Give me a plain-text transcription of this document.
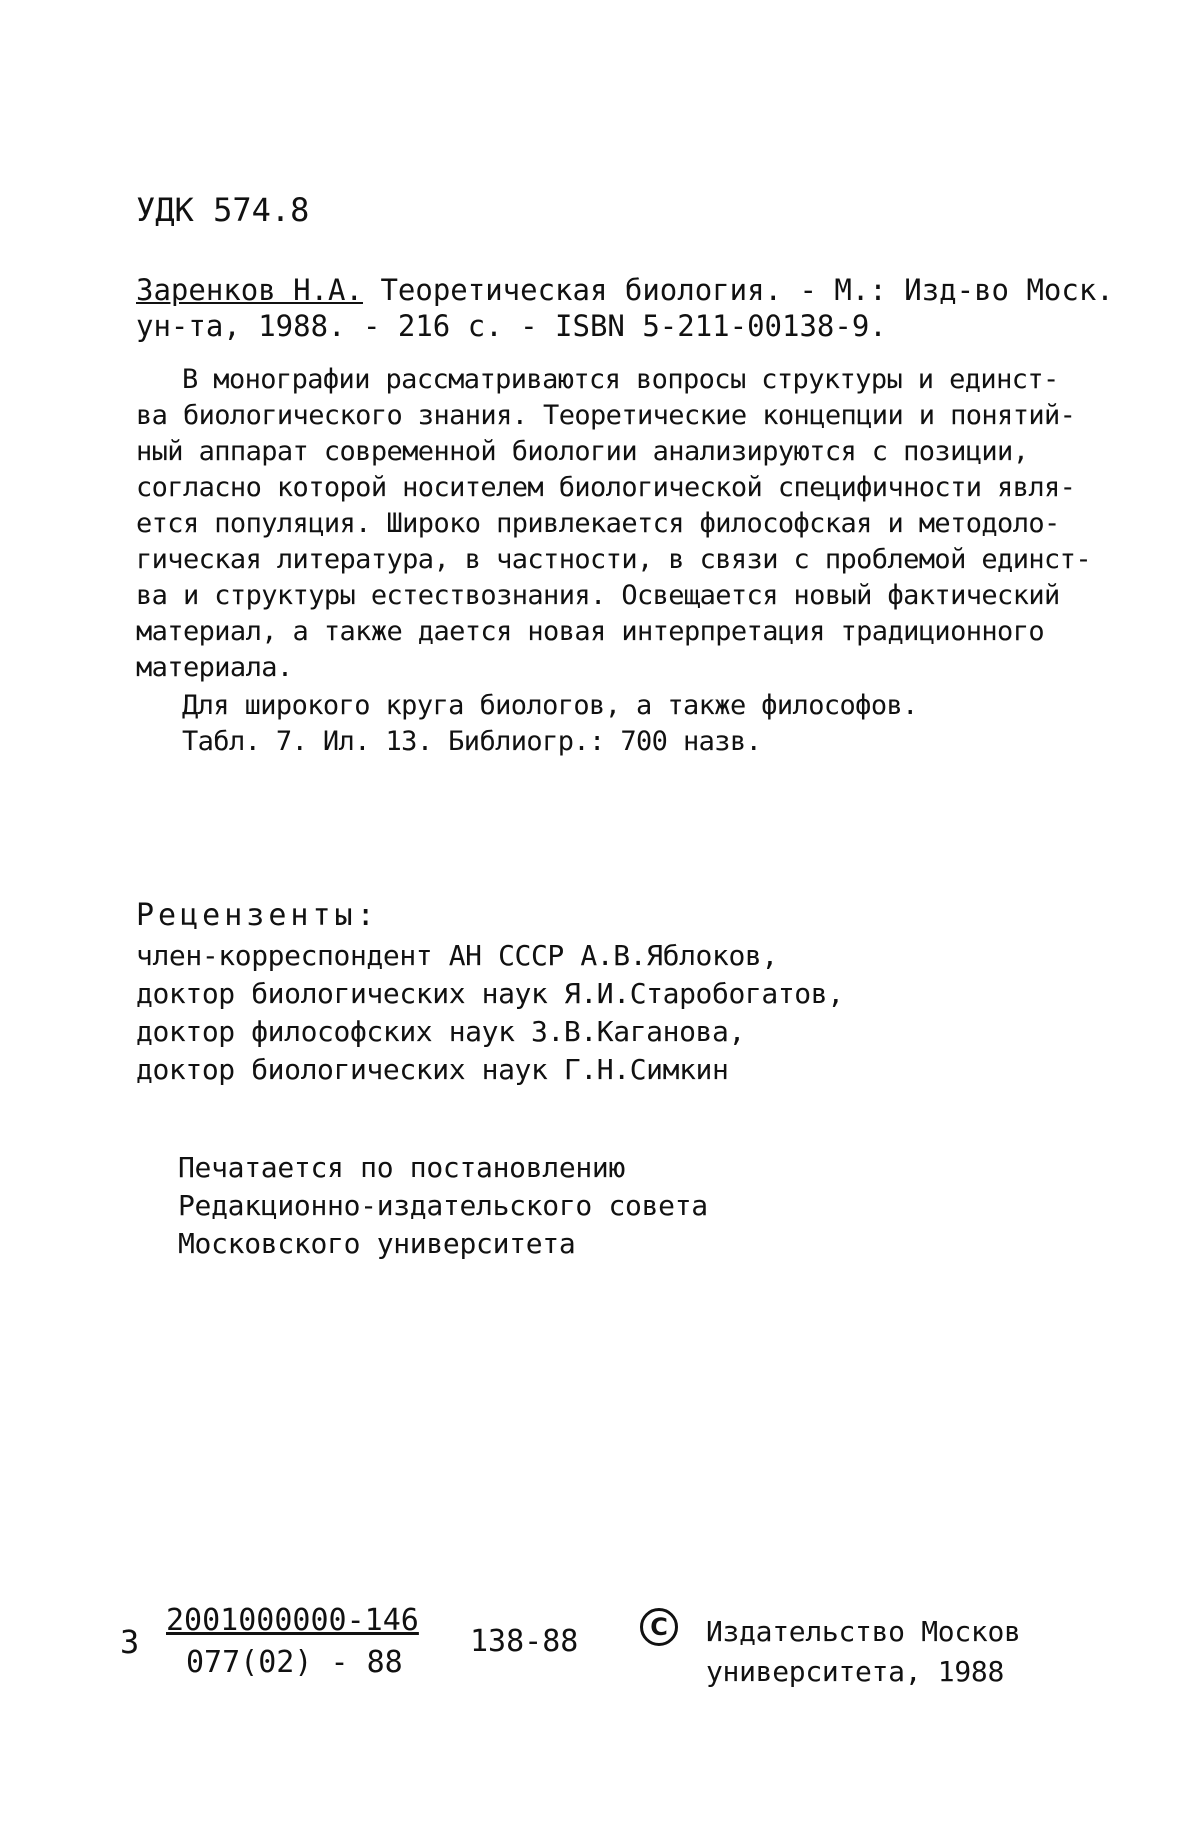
УДК 574.8
Заренков Н.А. Теоретическая биология. - М.: Изд-во Моск.
ун-та, 1988. - 216 с. - ISBN 5-211-00138-9.
В монографии рассматриваются вопросы структуры и единст-
ва биологического знания. Теоретические концепции и понятий-
ный аппарат современной биологии анализируются с позиции,
согласно которой носителем биологической специфичности явля-
ется популяция. Широко привлекается философская и методоло-
гическая литература, в частности, в связи с проблемой единст-
ва и структуры естествознания. Освещается новый фактический
материал, а также дается новая интерпретация традиционного
материала.
Для широкого круга биологов, а также философов.
Табл. 7. Ил. 13. Библиогр.: 700 назв.
Рецензенты:
член-корреспондент АН СССР А.В.Яблоков,
доктор биологических наук Я.И.Старобогатов,
доктор философских наук З.В.Каганова,
доктор биологических наук Г.Н.Симкин
Печатается по постановлению
Редакционно-издательского совета
Московского университета
З
2001000000-146
077(02) - 88
138-88	C	Издательство Москов
университета, 1988
